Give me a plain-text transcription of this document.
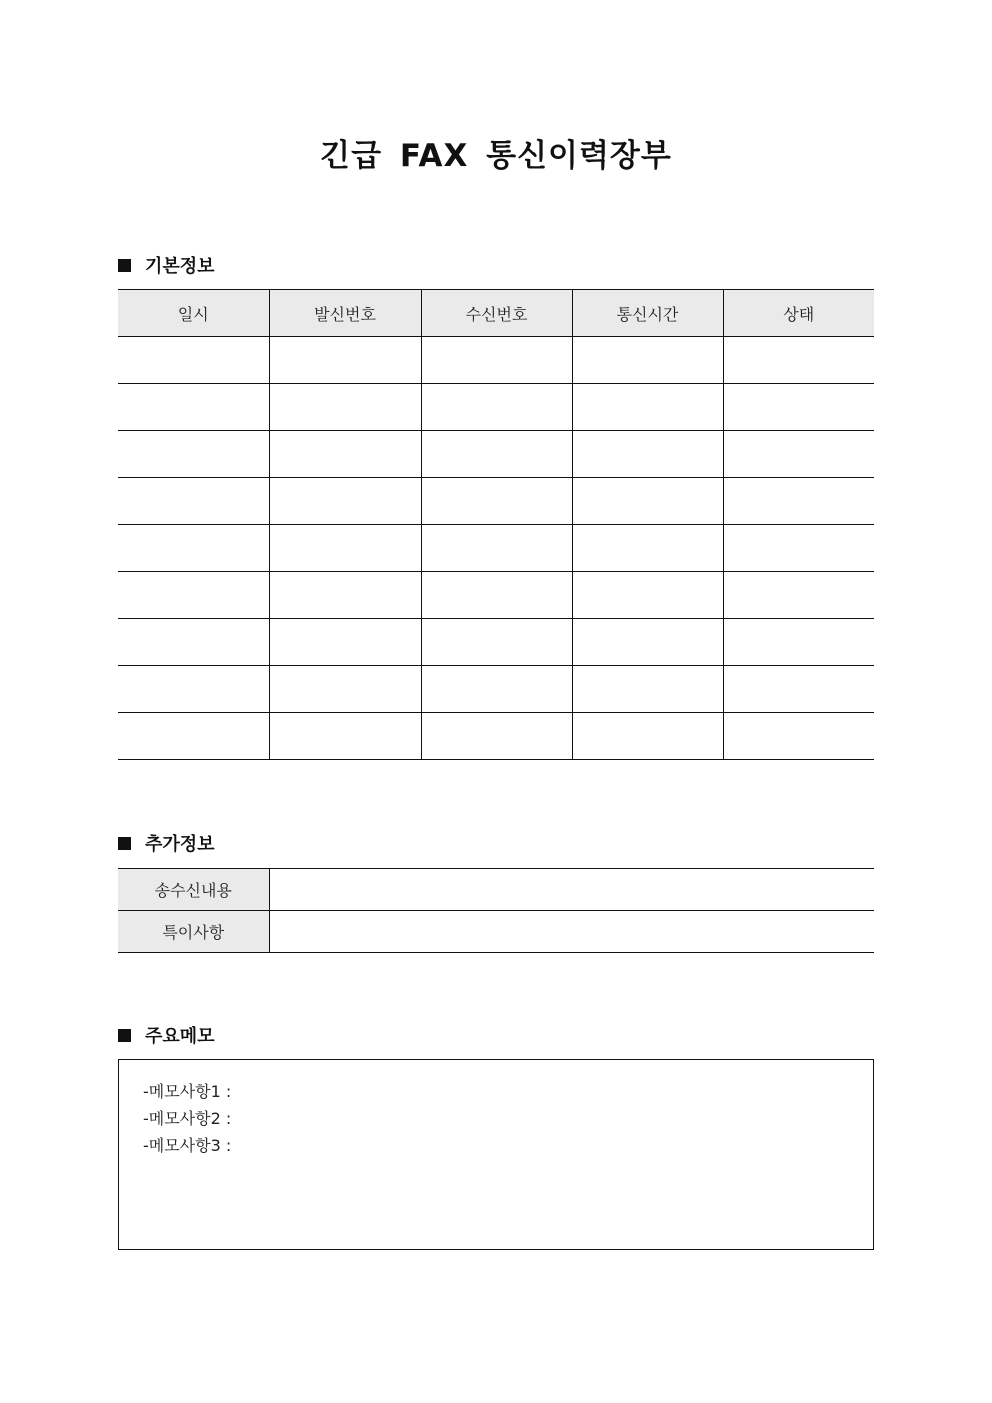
긴급 FAX 통신이력장부
기본정보
일시	발신번호	수신번호	통신시간	상태

추가정보
송수신내용	
특이사항	
주요메모
-메모사항1 :
-메모사항2 :
-메모사항3 :
